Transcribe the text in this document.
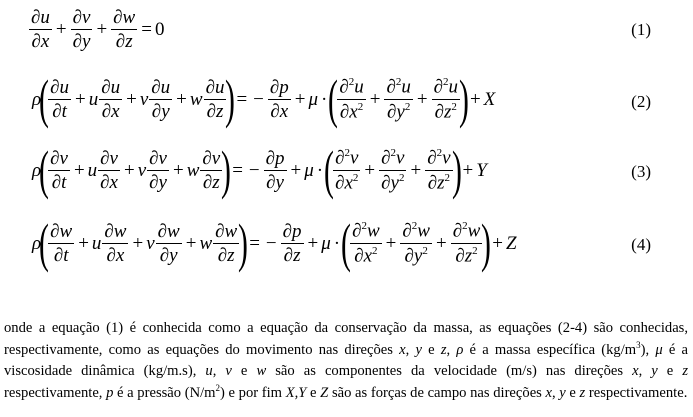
$\frac{\partial u}{\partial x} + \frac{\partial v}{\partial y} + \frac{\partial w}{\partial z} = 0$	(1)
ρ
( $\frac{\partial u}{\partial t} + u \frac{\partial u}{\partial x} + v \frac{\partial u}{\partial y} + w \frac{\partial u}{\partial z}$ ) = − $\frac{\partial p}{\partial x} + \mu$ · ( $\frac{\partial^2u}{\partial x^2} + \frac{\partial^2u}{\partial y^2} + \frac{\partial^2u}{\partial z^2}$ ) + X	(2)
ρ
( $\frac{\partial v}{\partial t} + u \frac{\partial v}{\partial x} + v \frac{\partial v}{\partial y} + w \frac{\partial v}{\partial z}$ ) = − $\frac{\partial p}{\partial y} + \mu$ · ( $\frac{\partial^2v}{\partial x^2} + \frac{\partial^2v}{\partial y^2} + \frac{\partial^2v}{\partial z^2}$ ) + Y	(3)
ρ
( $\frac{\partial w}{\partial t} + u \frac{\partial w}{\partial x} + v \frac{\partial w}{\partial y} + w \frac{\partial w}{\partial z}$ ) = − $\frac{\partial p}{\partial z} + \mu$ · ( $\frac{\partial^2w}{\partial x^2} + \frac{\partial^2w}{\partial y^2} + \frac{\partial^2w}{\partial z^2}$ ) + Z	(4)
onde a equação (1) é conhecida como a equação da conservação da massa, as equações (2-4) são conhecidas, respectivamente, como as equações do movimento nas direções x, y e z, ρ é a massa específica $(kg/m^3)$, μ é a viscosidade dinâmica (kg/m.s), u, v e w são as componentes da velocidade (m/s) nas direções x, y e z respectivamente, p é a pressão $(N/m^2)$ e por fim X,Y e Z são as forças de campo nas direções x, y e z respectivamente.
